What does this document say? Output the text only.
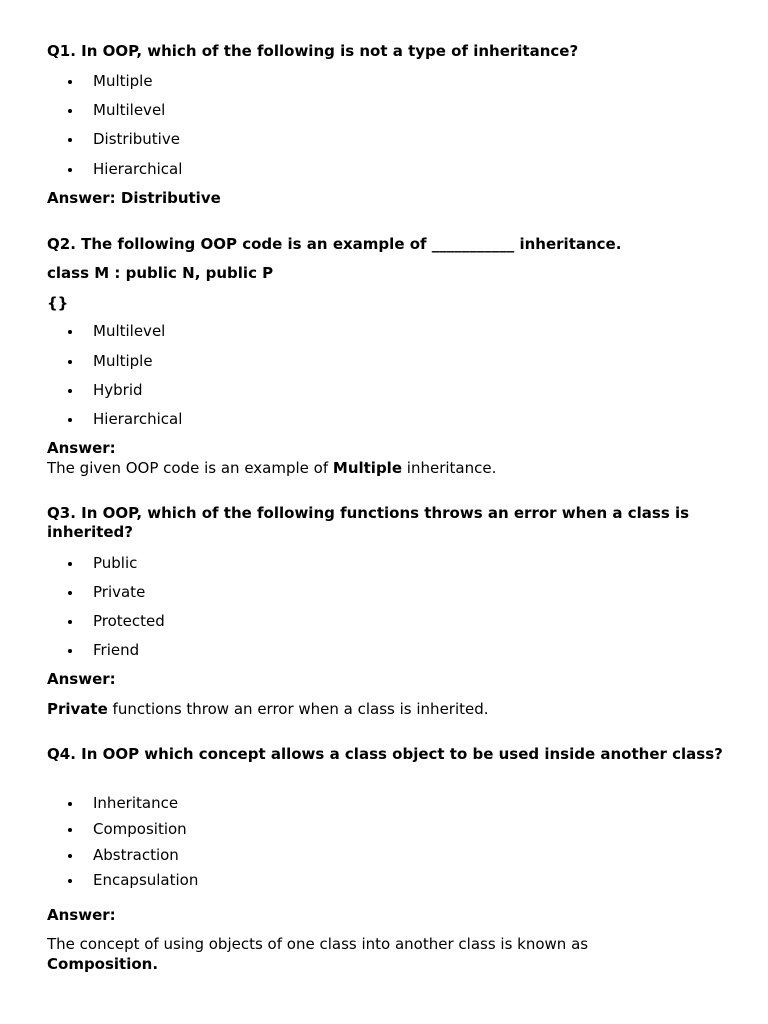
Q1. In OOP, which of the following is not a type of inheritance?
Multiple
Multilevel
Distributive
Hierarchical
Answer: Distributive
Q2. The following OOP code is an example of ___________ inheritance.
class M : public N, public P
{}
Multilevel
Multiple
Hybrid
Hierarchical
Answer:
The given OOP code is an example of Multiple inheritance.
Q3. In OOP, which of the following functions throws an error when a class is inherited?
Public
Private
Protected
Friend
Answer:
Private functions throw an error when a class is inherited.
Q4. In OOP which concept allows a class object to be used inside another class?
Inheritance
Composition
Abstraction
Encapsulation
Answer:
The concept of using objects of one class into another class is known as
Composition.
